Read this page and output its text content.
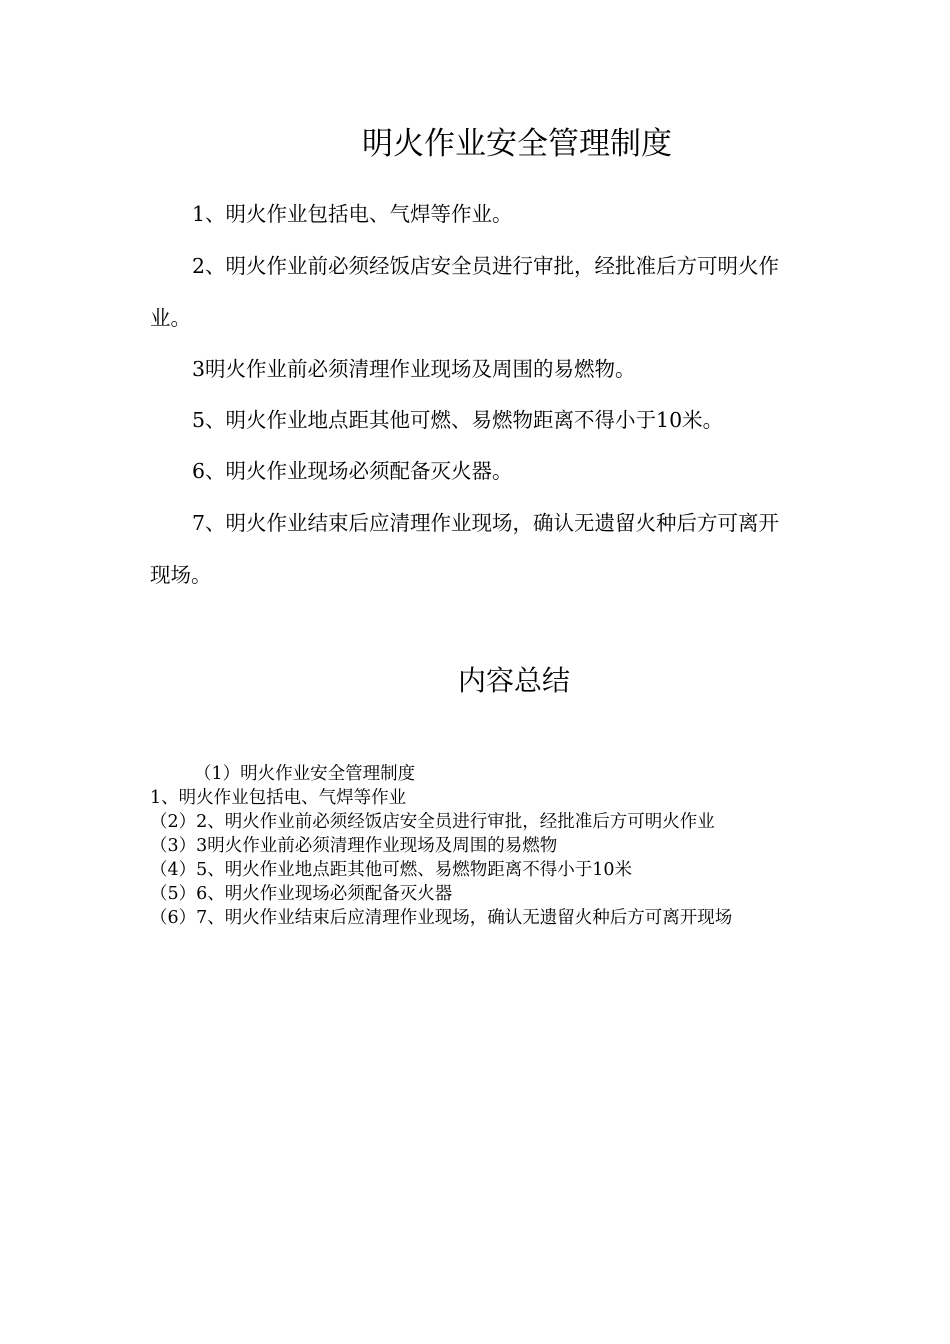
明火作业安全管理制度

1、明火作业包括电、气焊等作业。

2、明火作业前必须经饭店安全员进行审批，经批准后方可明火作业。

3明火作业前必须清理作业现场及周围的易燃物。

5、明火作业地点距其他可燃、易燃物距离不得小于10米。

6、明火作业现场必须配备灭火器。

7、明火作业结束后应清理作业现场，确认无遗留火种后方可离开现场。

内容总结
（1）明火作业安全管理制度
1、明火作业包括电、气焊等作业
（2）2、明火作业前必须经饭店安全员进行审批，经批准后方可明火作业
（3）3明火作业前必须清理作业现场及周围的易燃物
（4）5、明火作业地点距其他可燃、易燃物距离不得小于10米
（5）6、明火作业现场必须配备灭火器
（6）7、明火作业结束后应清理作业现场，确认无遗留火种后方可离开现场
